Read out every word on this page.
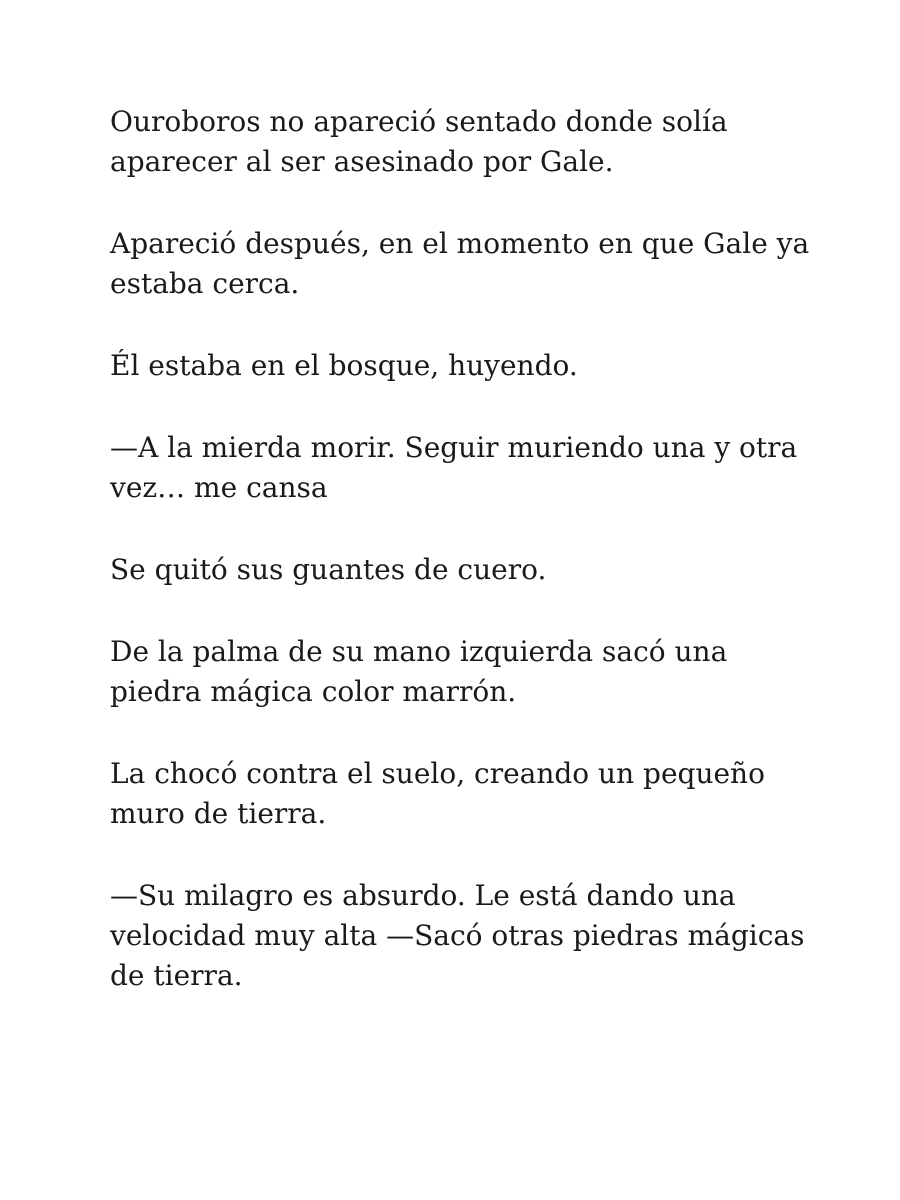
Ouroboros no apareció sentado donde solía aparecer al ser asesinado por Gale.

Apareció después, en el momento en que Gale ya estaba cerca.

Él estaba en el bosque, huyendo.

—A la mierda morir. Seguir muriendo una y otra vez… me cansa

Se quitó sus guantes de cuero.

De la palma de su mano izquierda sacó una piedra mágica color marrón.

La chocó contra el suelo, creando un pequeño muro de tierra.

—Su milagro es absurdo. Le está dando una velocidad muy alta —Sacó otras piedras mágicas de tierra.
